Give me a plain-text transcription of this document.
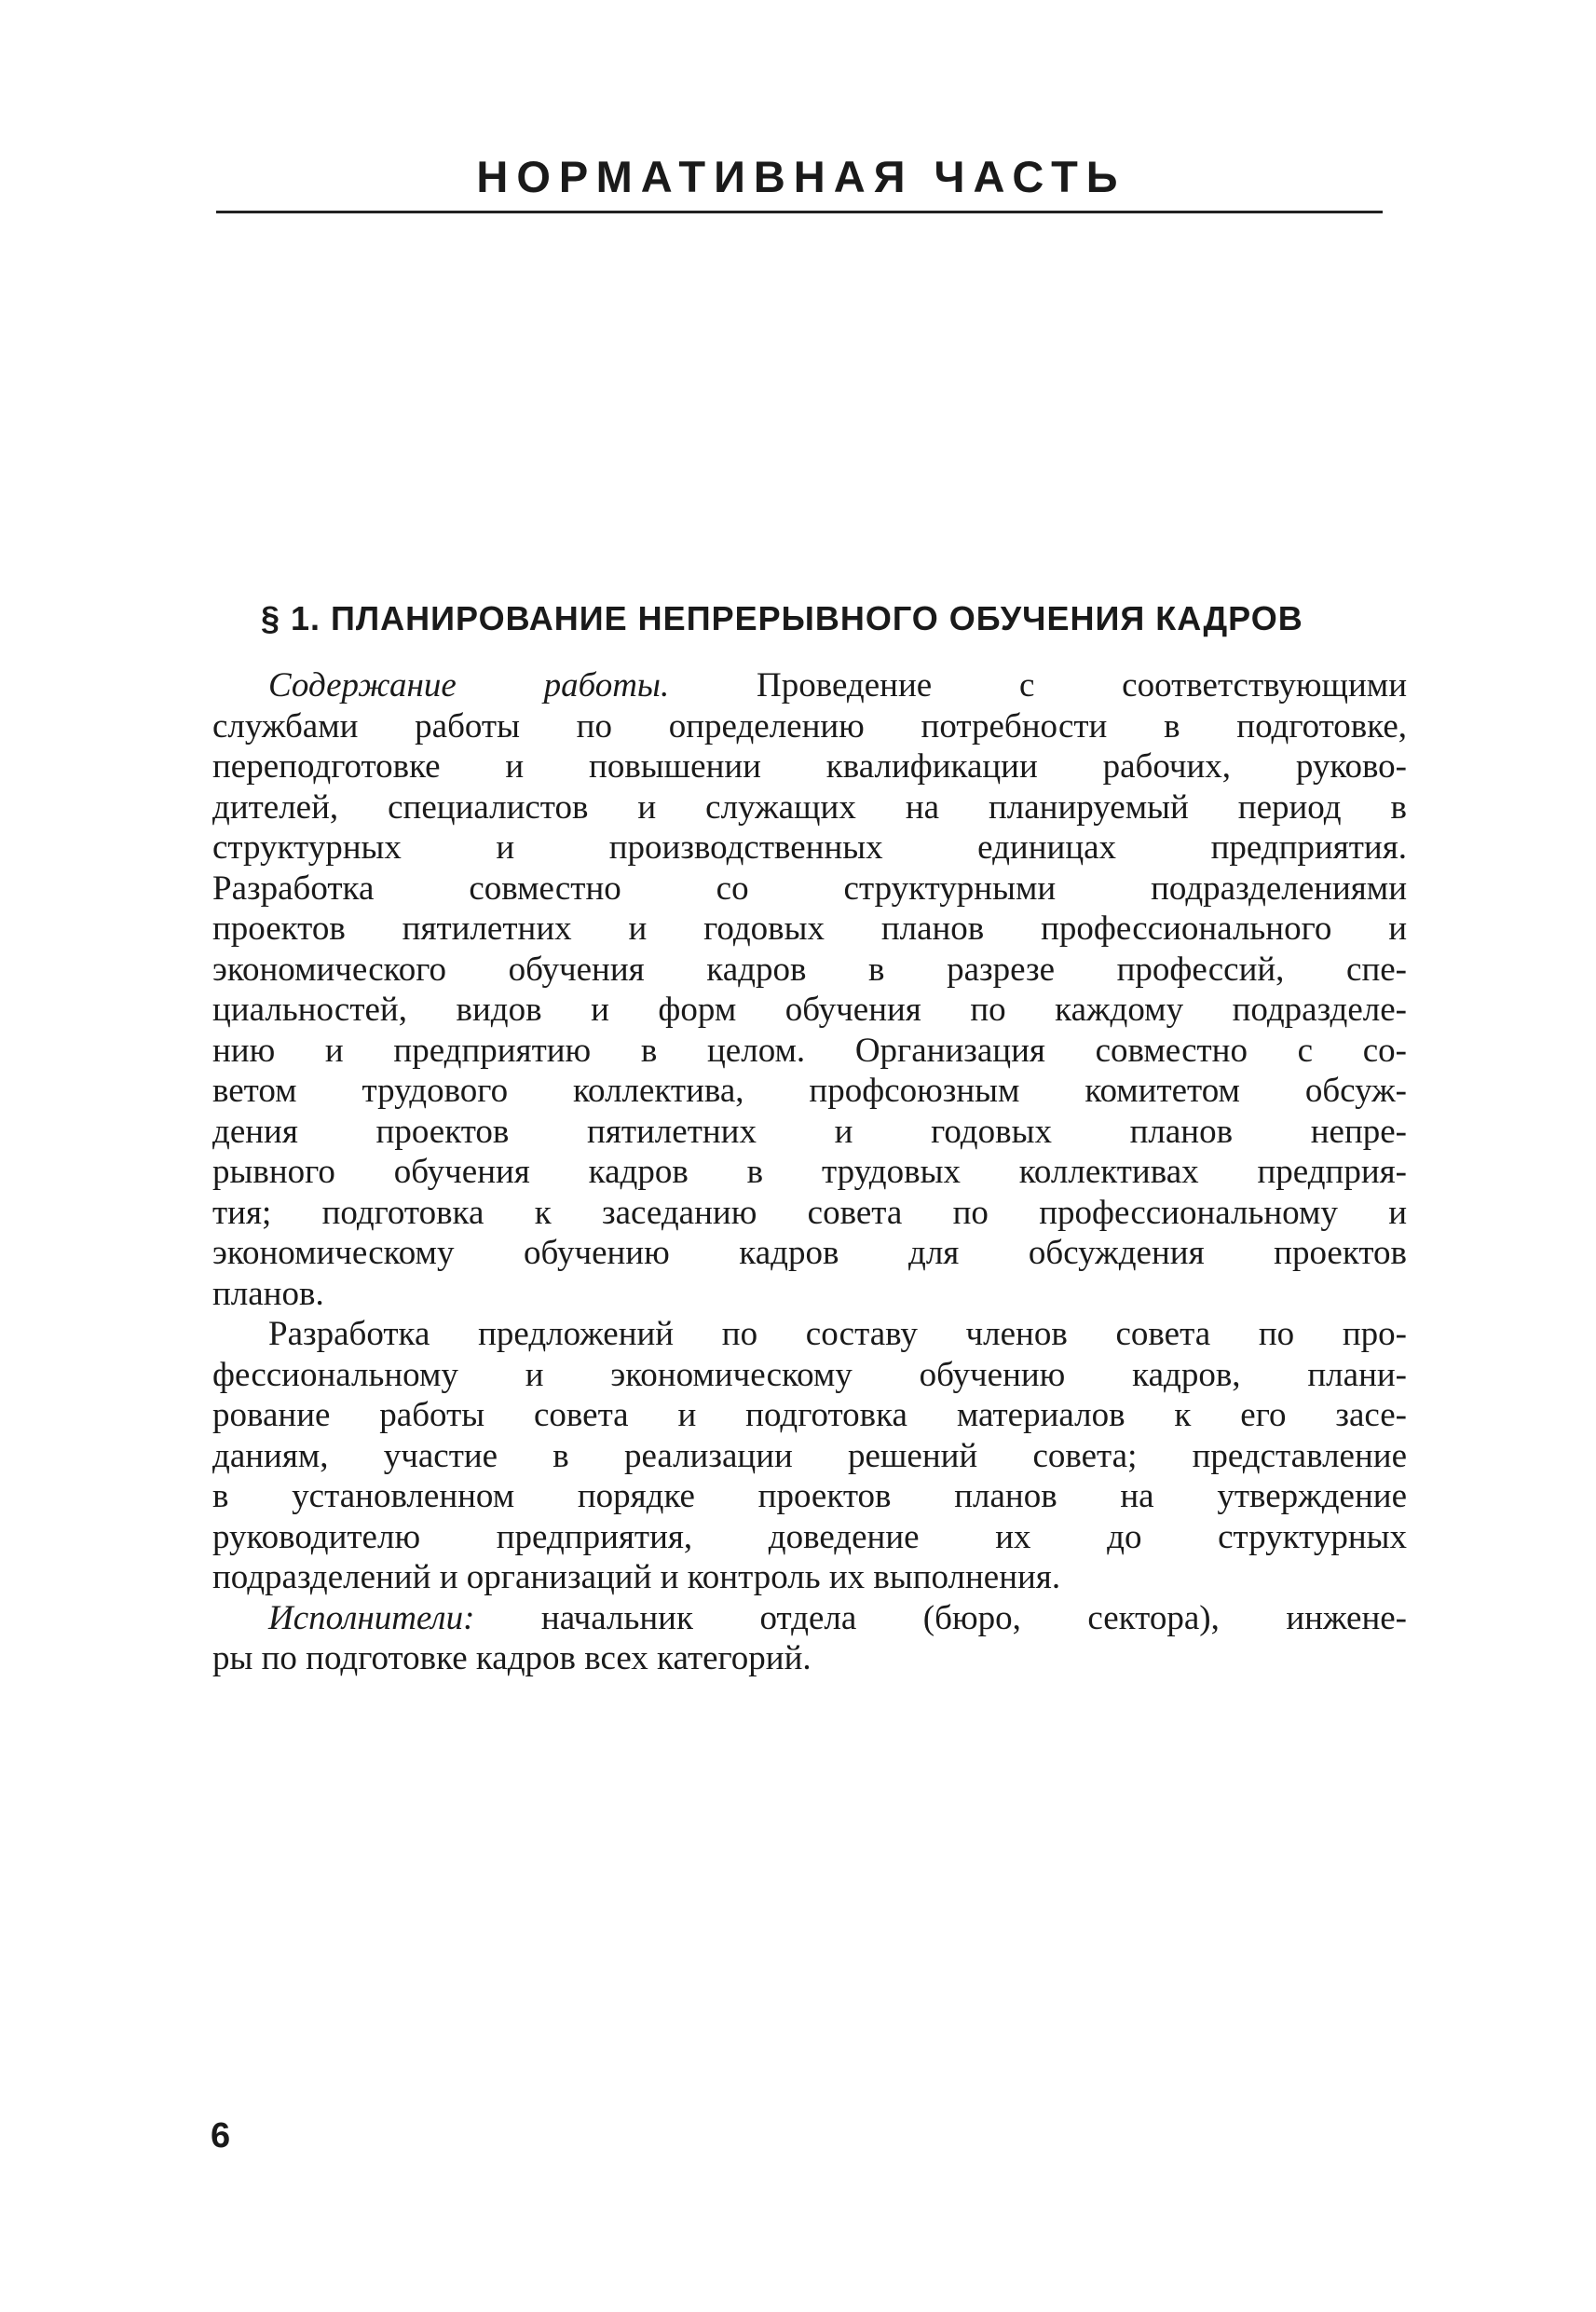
НОРМАТИВНАЯ ЧАСТЬ
§ 1. ПЛАНИРОВАНИЕ НЕПРЕРЫВНОГО ОБУЧЕНИЯ КАДРОВ
Содержание работы. Проведение с соответствующими
службами работы по определению потребности в подготовке,
переподготовке и повышении квалификации рабочих, руково-
дителей, специалистов и служащих на планируемый период в
структурных и производственных единицах предприятия.
Разработка совместно со структурными подразделениями
проектов пятилетних и годовых планов профессионального и
экономического обучения кадров в разрезе профессий, спе-
циальностей, видов и форм обучения по каждому подразделе-
нию и предприятию в целом. Организация совместно с со-
ветом трудового коллектива, профсоюзным комитетом обсуж-
дения проектов пятилетних и годовых планов непре-
рывного обучения кадров в трудовых коллективах предприя-
тия; подготовка к заседанию совета по профессиональному и
экономическому обучению кадров для обсуждения проектов
планов.
Разработка предложений по составу членов совета по про-
фессиональному и экономическому обучению кадров, плани-
рование работы совета и подготовка материалов к его засе-
даниям, участие в реализации решений совета; представление
в установленном порядке проектов планов на утверждение
руководителю предприятия, доведение их до структурных
подразделений и организаций и контроль их выполнения.
Исполнители: начальник отдела (бюро, сектора), инжене-
ры по подготовке кадров всех категорий.
6
